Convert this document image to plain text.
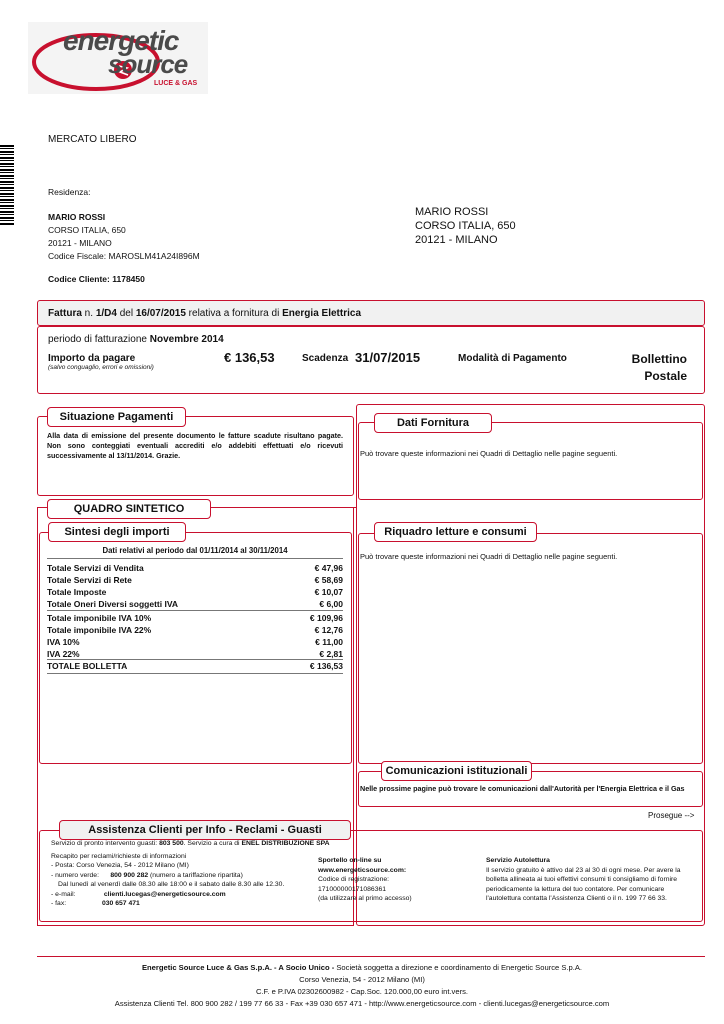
energetic
source
LUCE & GAS
MERCATO LIBERO
Residenza:
MARIO ROSSI
CORSO ITALIA, 650
20121 - MILANO
Codice Fiscale: MAROSLM41A24I896M
Codice Cliente: 1178450
MARIO ROSSI
CORSO ITALIA, 650
20121 - MILANO
Fattura n. 1/D4 del 16/07/2015 relativa a fornitura di Energia Elettrica
periodo di fatturazione Novembre 2014
Importo da pagare
(salvo conguaglio, errori e omissioni)
€ 136,53	Scadenza 31/07/2015	Modalità di Pagamento	Bollettino
Postale
Situazione Pagamenti
Alla data di emissione del presente documento le fatture scadute risultano pagate. Non sono conteggiati eventuali accrediti e/o addebiti effettuati e/o ricevuti successivamente al 13/11/2014. Grazie.
Dati Fornitura
Può trovare queste informazioni nei Quadri di Dettaglio nelle pagine seguenti.
QUADRO SINTETICO
Sintesi degli importi
Dati relativi al periodo dal 01/11/2014 al 30/11/2014
Totale Servizi di Vendita	€ 47,96
Totale Servizi di Rete	€ 58,69
Totale Imposte	€ 10,07
Totale Oneri Diversi soggetti IVA	€ 6,00
Totale imponibile IVA 10%	€ 109,96
Totale imponibile IVA 22%	€ 12,76
IVA 10%	€ 11,00
IVA 22%	€ 2,81
TOTALE BOLLETTA	€ 136,53
Riquadro letture e consumi
Può trovare queste informazioni nei Quadri di Dettaglio nelle pagine seguenti.
Comunicazioni istituzionali
Nelle prossime pagine può trovare le comunicazioni dall'Autorità per l'Energia Elettrica e il Gas
Prosegue -->
Assistenza Clienti per Info - Reclami - Guasti
Servizio di pronto intervento guasti: 803 500. Servizio a cura di ENEL DISTRIBUZIONE SPA
Recapito per reclami/richieste di informazioni
- Posta: Corso Venezia, 54 - 2012 Milano (MI)
- numero verde: 800 900 282 (numero a tariffazione ripartita)
Dal lunedì al venerdì dalle 08.30 alle 18:00 e il sabato dalle 8.30 alle 12.30.
- e-mail:	clienti.lucegas@energeticsource.com
- fax:	030 657 471
Sportello on-line su
www.energeticsource.com:
Codice di registrazione:
171000000171086361
(da utilizzare al primo accesso)
Servizio Autolettura
Il servizio gratuito è attivo dal 23 al 30 di ogni mese. Per avere la bolletta allineata ai tuoi effettivi consumi ti consigliamo di fornire periodicamente la lettura del tuo contatore. Per comunicare l'autolettura contatta l'Assistenza Clienti o il n. 199 77 66 33.
Energetic Source Luce & Gas S.p.A. - A Socio Unico - Società soggetta a direzione e coordinamento di Energetic Source S.p.A.
Corso Venezia, 54 - 2012 Milano (MI)
C.F. e P.IVA 02302600982 - Cap.Soc. 120.000,00 euro int.vers.
Assistenza Clienti Tel. 800 900 282 / 199 77 66 33 - Fax +39 030 657 471 - http://www.energeticsource.com - clienti.lucegas@energeticsource.com
